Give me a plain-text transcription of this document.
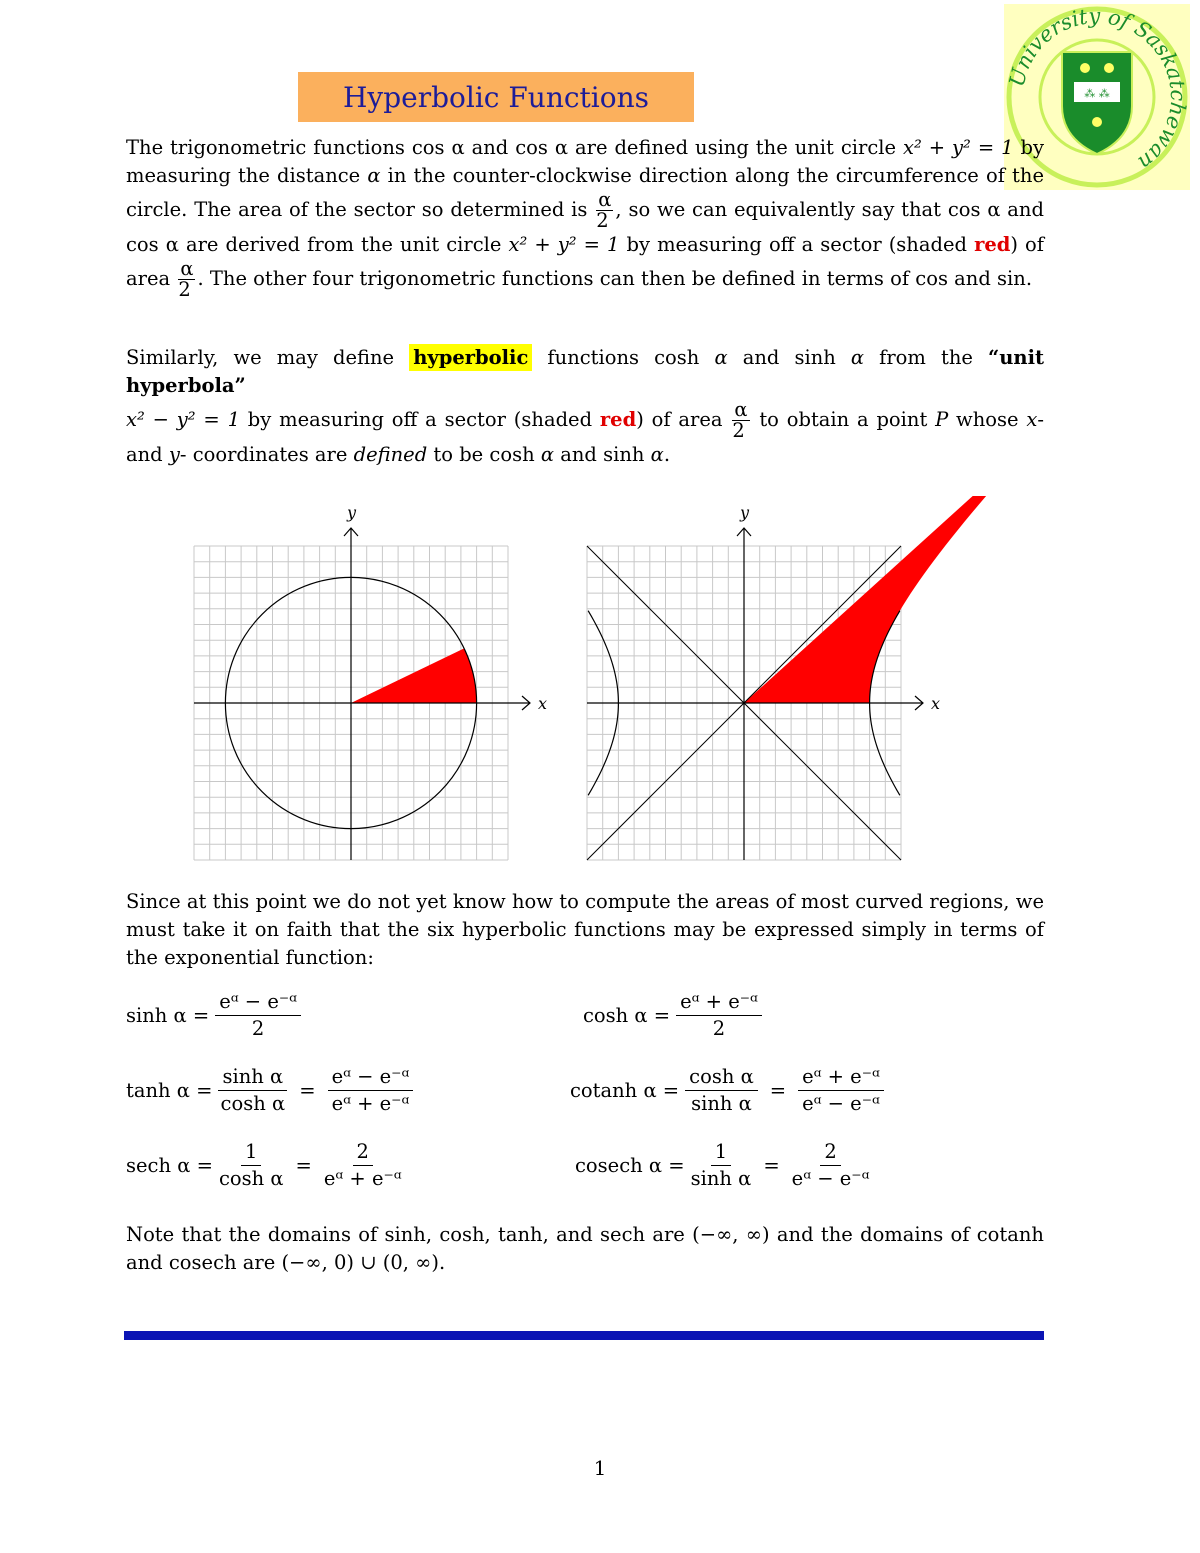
⁂ ⁂
University of Saskatchewan
Hyperbolic Functions
The trigonometric functions cos α and cos α are defined using the unit circle x² + y² = 1 by measuring the distance α in the counter-clockwise direction along the circumference of the circle. The area of the sector so determined is $\frac{\alpha}{2}$ , so we can equivalently say that cos α and cos α are derived from the unit circle x² + y² = 1 by measuring off a sector (shaded red) of area $\frac{\alpha}{2}$ . The other four trigonometric functions can then be defined in terms of cos and sin.
Similarly, we may define hyperbolic functions cosh α and sinh α from the “unit hyperbola”
x² − y² = 1 by measuring off a sector (shaded red) of area $\frac{\alpha}{2}$ to obtain a point P whose x- and y- coordinates are defined to be cosh α and sinh α.
x
y
x
y
Since at this point we do not yet know how to compute the areas of most curved regions, we must take it on faith that the six hyperbolic functions may be expressed simply in terms of the exponential function:
$\sinh \alpha = \frac{\text{eᵅ − e⁻ᵅ}}{2}$	$\cosh \alpha = \frac{\text{eᵅ + e⁻ᵅ}}{2}$
$\tanh \alpha = \frac{\text{sinh α}}{\text{cosh α}} = \frac{\text{eᵅ − e⁻ᵅ}}{\text{eᵅ + e⁻ᵅ}}$	cotanh $\alpha = \frac{\text{cosh α}}{\text{sinh α}} = \frac{\text{eᵅ + e⁻ᵅ}}{\text{eᵅ − e⁻ᵅ}}$
sech $\alpha = \frac{1}{\text{cosh α}} = \frac{2}{\text{eᵅ + e⁻ᵅ}}$	cosech $\alpha = \frac{1}{\text{sinh α}} = \frac{2}{\text{eᵅ − e⁻ᵅ}}$
Note that the domains of sinh, cosh, tanh, and sech are (−∞, ∞) and the domains of cotanh and cosech are (−∞, 0) ∪ (0, ∞).
1
